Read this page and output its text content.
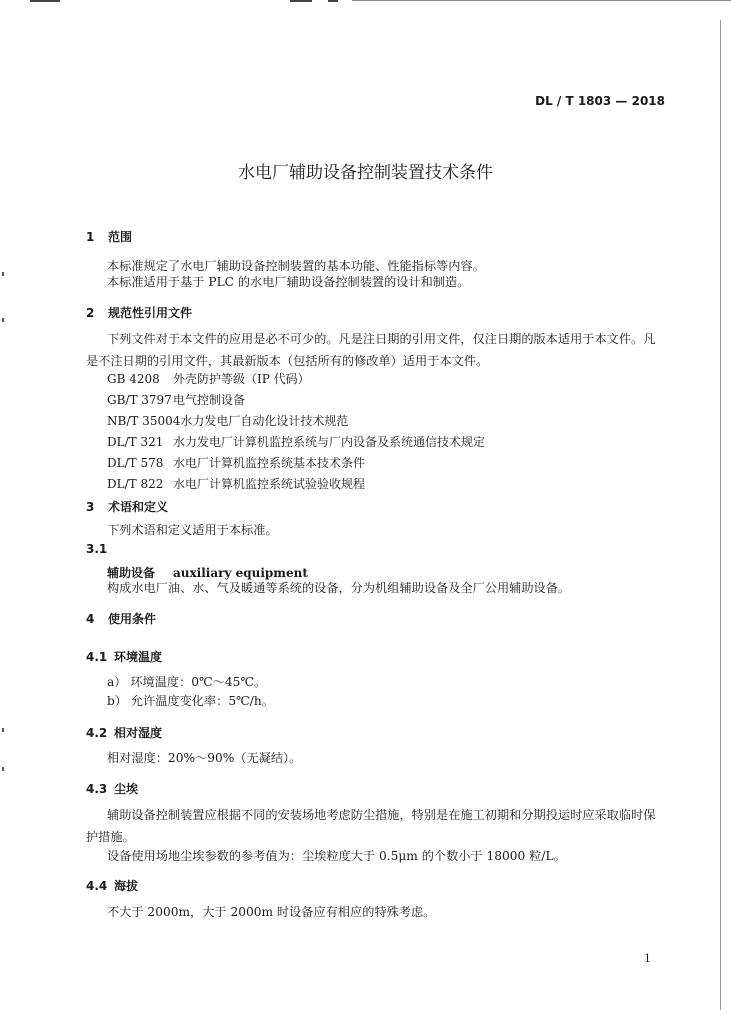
DL / T 1803 — 2018
水电厂辅助设备控制装置技术条件
1 范围
本标准规定了水电厂辅助设备控制装置的基本功能、性能指标等内容。
本标准适用于基于 PLC 的水电厂辅助设备控制装置的设计和制造。
2 规范性引用文件
下列文件对于本文件的应用是必不可少的。凡是注日期的引用文件，仅注日期的版本适用于本文件。凡是不注日期的引用文件，其最新版本（包括所有的修改单）适用于本文件。
GB 4208 外壳防护等级（IP 代码）
GB/T 3797电气控制设备
NB/T 35004水力发电厂自动化设计技术规范
DL/T 321 水力发电厂计算机监控系统与厂内设备及系统通信技术规定
DL/T 578 水电厂计算机监控系统基本技术条件
DL/T 822 水电厂计算机监控系统试验验收规程
3 术语和定义
下列术语和定义适用于本标准。
3.1
辅助设备 auxiliary equipment
构成水电厂油、水、气及暖通等系统的设备，分为机组辅助设备及全厂公用辅助设备。
4 使用条件
4.1 环境温度
a） 环境温度：0℃～45℃。
b） 允许温度变化率：5℃/h。
4.2 相对湿度
相对湿度：20%～90%（无凝结）。
4.3 尘埃
辅助设备控制装置应根据不同的安装场地考虑防尘措施，特别是在施工初期和分期投运时应采取临时保护措施。
设备使用场地尘埃参数的参考值为：尘埃粒度大于 0.5μm 的个数小于 18000 粒/L。
4.4 海拔
不大于 2000m，大于 2000m 时设备应有相应的特殊考虑。
1
